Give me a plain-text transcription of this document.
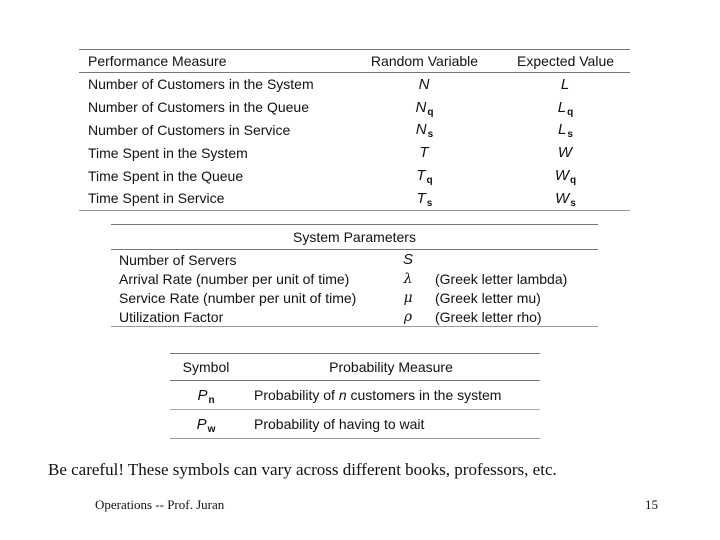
Performance Measure	Random Variable	Expected Value
Number of Customers in the System	N	L
Number of Customers in the Queue	$N_q$	$L_q$
Number of Customers in Service	$N_s$	$L_s$
Time Spent in the System	T	W
Time Spent in the Queue	$T_q$	$W_q$
Time Spent in Service	$T_s$	$W_s$
System Parameters		
Number of Servers	S	
Arrival Rate (number per unit of time)	λ	(Greek letter lambda)
Service Rate (number per unit of time)	μ	(Greek letter mu)
Utilization Factor	ρ	(Greek letter rho)
Symbol	Probability Measure
$P_n$	Probability of n customers in the system
$P_w$	Probability of having to wait
Be careful! These symbols can vary across different books, professors, etc.
Operations -- Prof. Juran	15
